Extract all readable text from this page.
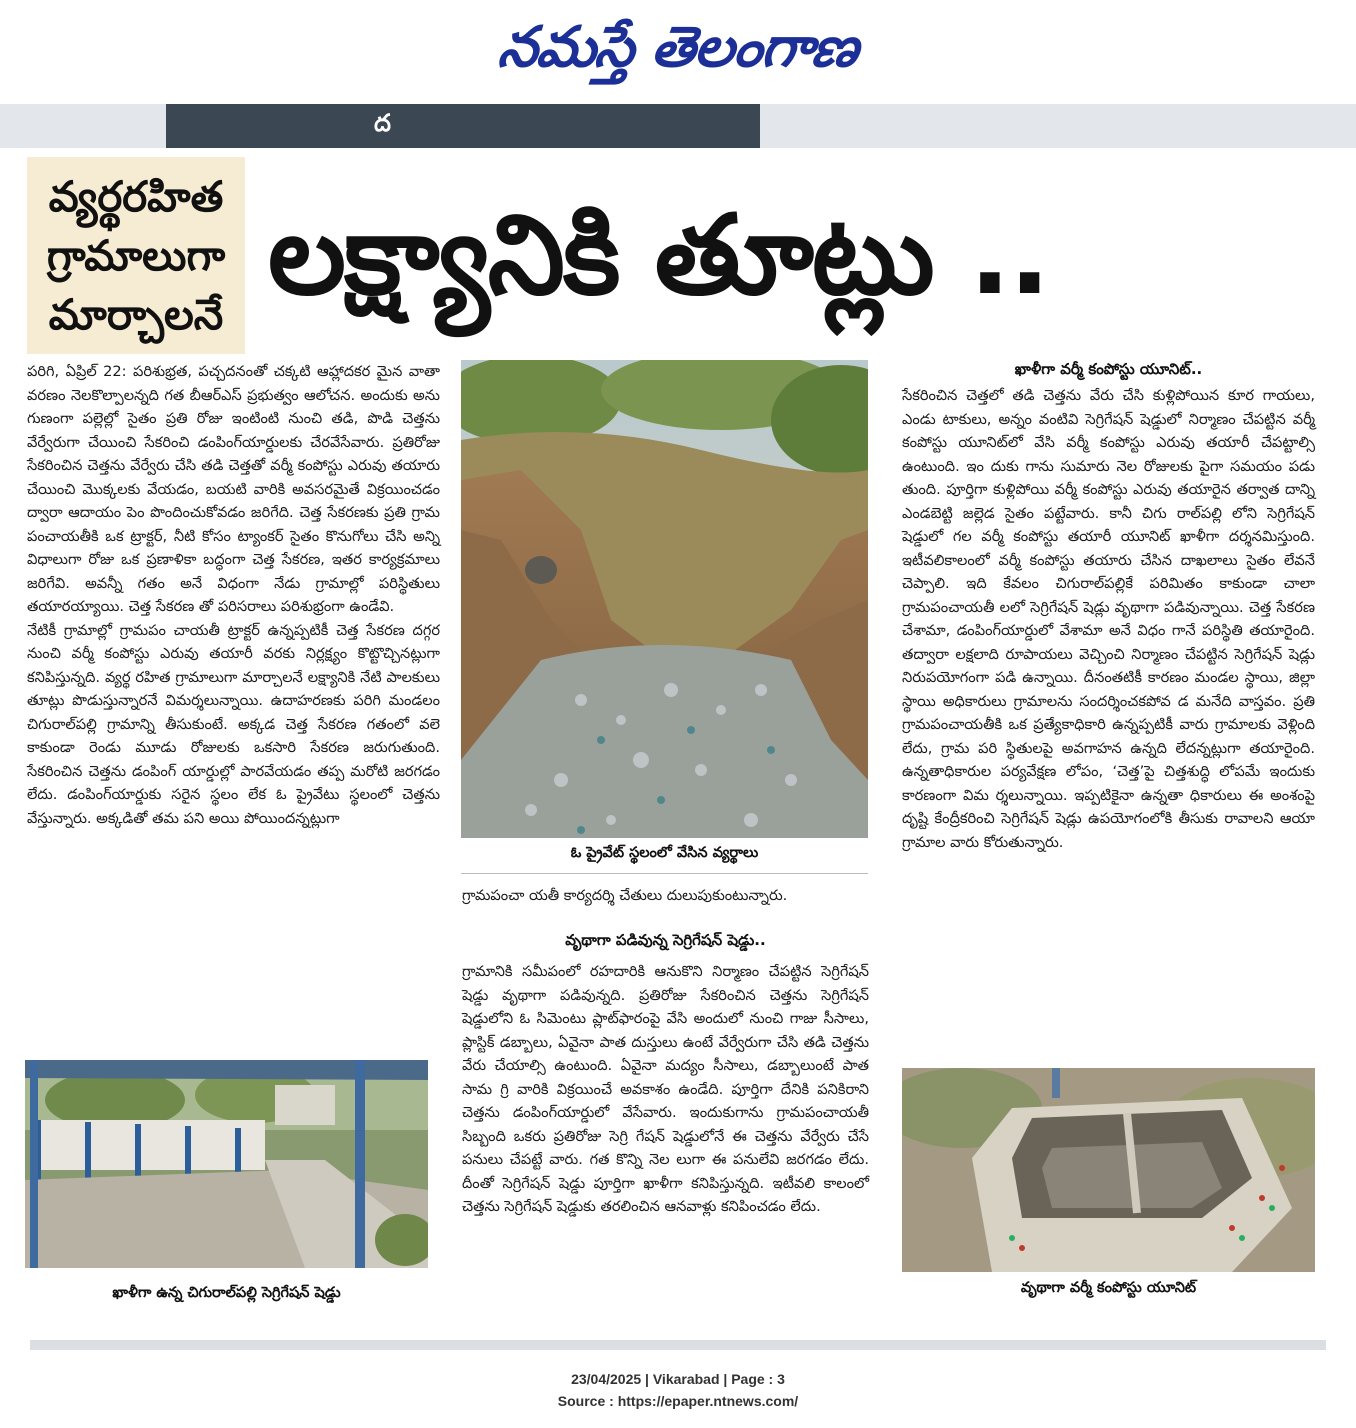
నమస్తే తెలంగాణ
ద
వ్యర్థరహిత
గ్రామాలుగా
మార్చాలనే లక్ష్యానికి తూట్లు ..

పరిగి, ఏప్రిల్ 22: పరిశుభ్రత, పచ్చదనంతో చక్కటి ఆహ్లాదకర మైన వాతా వరణం నెలకొల్పాలన్నది గత బీఆర్ఎస్ ప్రభుత్వం ఆలోచన. అందుకు అను గుణంగా పల్లెల్లో సైతం ప్రతి రోజు ఇంటింటి నుంచి తడి, పొడి చెత్తను వేర్వేరుగా చేయించి సేకరించి డంపింగ్‌యార్డులకు చేరవేసేవారు. ప్రతిరోజు సేకరించిన చెత్తను వేర్వేరు చేసి తడి చెత్తతో వర్మీ కంపోస్టు ఎరువు తయారు చేయించి మొక్కలకు వేయడం, బయటి వారికి అవసరమైతే విక్రయించడం ద్వారా ఆదాయం పెం పొందించుకోవడం జరిగేది. చెత్త సేకరణకు ప్రతి గ్రామ పంచాయతీకి ఒక ట్రాక్టర్, నీటి కోసం ట్యాంకర్ సైతం కొనుగోలు చేసి అన్ని విధాలుగా రోజు ఒక ప్రణాళికా బద్ధంగా చెత్త సేకరణ, ఇతర కార్యక్రమాలు జరిగేవి. అవన్నీ గతం అనే విధంగా నేడు గ్రామాల్లో పరిస్థితులు తయారయ్యాయి. చెత్త సేకరణ తో పరిసరాలు పరిశుభ్రంగా ఉండేవి.

నేటికీ గ్రామాల్లో గ్రామపం చాయతీ ట్రాక్టర్ ఉన్నప్పటికీ చెత్త సేకరణ దగ్గర నుంచి వర్మీ కంపోస్టు ఎరువు తయారీ వరకు నిర్లక్ష్యం కొట్టొచ్చినట్లుగా కనిపిస్తున్నది. వ్యర్థ రహిత గ్రామాలుగా మార్చాలనే లక్ష్యానికి నేటి పాలకులు తూట్లు పొడుస్తున్నారనే విమర్శలున్నాయి. ఉదాహరణకు పరిగి మండలం చిగురాల్‌పల్లి గ్రామాన్ని తీసుకుంటే. అక్కడ చెత్త సేకరణ గతంలో వలె కాకుండా రెండు మూడు రోజులకు ఒకసారి సేకరణ జరుగుతుంది. సేకరించిన చెత్తను డంపింగ్ యార్డుల్లో పారవేయడం తప్ప మరోటి జరగడం లేదు. డంపింగ్‌యార్డుకు సరైన స్థలం లేక ఓ ప్రైవేటు స్థలంలో చెత్తను వేస్తున్నారు. అక్కడితో తమ పని అయి పోయిందన్నట్లుగా

ఓ ప్రైవేట్ స్థలంలో వేసిన వ్యర్థాలు

గ్రామపంచా యతీ కార్యదర్శి చేతులు దులుపుకుంటున్నారు.

వృథాగా పడివున్న సెగ్రిగేషన్ షెడ్డు..

గ్రామానికి సమీపంలో రహదారికి ఆనుకొని నిర్మాణం చేపట్టిన సెగ్రిగేషన్ షెడ్డు వృథాగా పడివున్నది. ప్రతిరోజు సేకరించిన చెత్తను సెగ్రిగేషన్ షెడ్డులోని ఓ సిమెంటు ప్లాట్‌ఫారంపై వేసి అందులో నుంచి గాజు సీసాలు, ప్లాస్టిక్ డబ్బాలు, ఏవైనా పాత దుస్తులు ఉంటే వేర్వేరుగా చేసి తడి చెత్తను వేరు చేయాల్సి ఉంటుంది. ఏవైనా మద్యం సీసాలు, డబ్బాలుంటే పాత సామ గ్రి వారికి విక్రయించే అవకాశం ఉండేది. పూర్తిగా దేనికి పనికిరాని చెత్తను డంపింగ్‌యార్డులో వేసేవారు. ఇందుకుగాను గ్రామపంచాయతీ సిబ్బంది ఒకరు ప్రతిరోజు సెగ్రి గేషన్ షెడ్డులోనే ఈ చెత్తను వేర్వేరు చేసే పనులు చేపట్టే వారు. గత కొన్ని నెల లుగా ఈ పనులేవి జరగడం లేదు. దీంతో సెగ్రిగేషన్ షెడ్డు పూర్తిగా ఖాళీగా కనిపిస్తున్నది. ఇటీవలి కాలంలో చెత్తను సెగ్రిగేషన్ షెడ్డుకు తరలించిన ఆనవాళ్లు కనిపించడం లేదు.

ఖాళీగా వర్మీ కంపోస్టు యూనిట్..

సేకరించిన చెత్తలో తడి చెత్తను వేరు చేసి కుళ్లిపోయిన కూర గాయలు, ఎండు టాకులు, అన్నం వంటివి సెగ్రిగేషన్ షెడ్డులో నిర్మాణం చేపట్టిన వర్మీ కంపోస్టు యూనిట్‌లో వేసి వర్మీ కంపోస్టు ఎరువు తయారీ చేపట్టాల్సి ఉంటుంది. ఇం దుకు గాను సుమారు నెల రోజులకు పైగా సమయం పడు తుంది. పూర్తిగా కుళ్లిపోయి వర్మీ కంపోస్టు ఎరువు తయారైన తర్వాత దాన్ని ఎండబెట్టి జల్లెడ సైతం పట్టేవారు. కానీ చిగు రాల్‌పల్లి లోని సెగ్రిగేషన్ షెడ్డులో గల వర్మీ కంపోస్టు తయారీ యూనిట్ ఖాళీగా దర్శనమిస్తుంది. ఇటీవలికాలంలో వర్మీ కంపోస్టు తయారు చేసిన దాఖలాలు సైతం లేవనే చెప్పాలి. ఇది కేవలం చిగురాల్‌పల్లికే పరిమితం కాకుండా చాలా గ్రామపంచాయతీ లలో సెగ్రిగేషన్ షెడ్లు వృథాగా పడివున్నాయి. చెత్త సేకరణ చేశామా, డంపింగ్‌యార్డులో వేశామా అనే విధం గానే పరిస్థితి తయారైంది. తద్వారా లక్షలాది రూపాయలు వెచ్చించి నిర్మాణం చేపట్టిన సెగ్రిగేషన్ షెడ్లు నిరుపయోగంగా పడి ఉన్నాయి. దీనంతటికీ కారణం మండల స్థాయి, జిల్లా స్థాయి అధికారులు గ్రామాలను సందర్శించకపోవ డ మనేది వాస్తవం. ప్రతి గ్రామపంచాయతీకి ఒక ప్రత్యేకాధికారి ఉన్నప్పటికీ వారు గ్రామాలకు వెళ్లింది లేదు, గ్రామ పరి స్థితులపై అవగాహన ఉన్నది లేదన్నట్లుగా తయారైంది. ఉన్నతాధికారుల పర్యవేక్షణ లోపం, ‘చెత్త’పై చిత్తశుద్ధి లోపమే ఇందుకు కారణంగా విమ ర్శలున్నాయి. ఇప్పటికైనా ఉన్నతా ధికారులు ఈ అంశంపై దృష్టి కేంద్రీకరించి సెగ్రిగేషన్ షెడ్లు ఉపయోగంలోకి తీసుకు రావాలని ఆయా గ్రామాల వారు కోరుతున్నారు.

ఖాళీగా ఉన్న చిగురాల్‌పల్లి సెగ్రిగేషన్ షెడ్డు	వృథాగా వర్మీ కంపోస్టు యూనిట్
23/04/2025 | Vikarabad | Page : 3
Source : https://epaper.ntnews.com/
